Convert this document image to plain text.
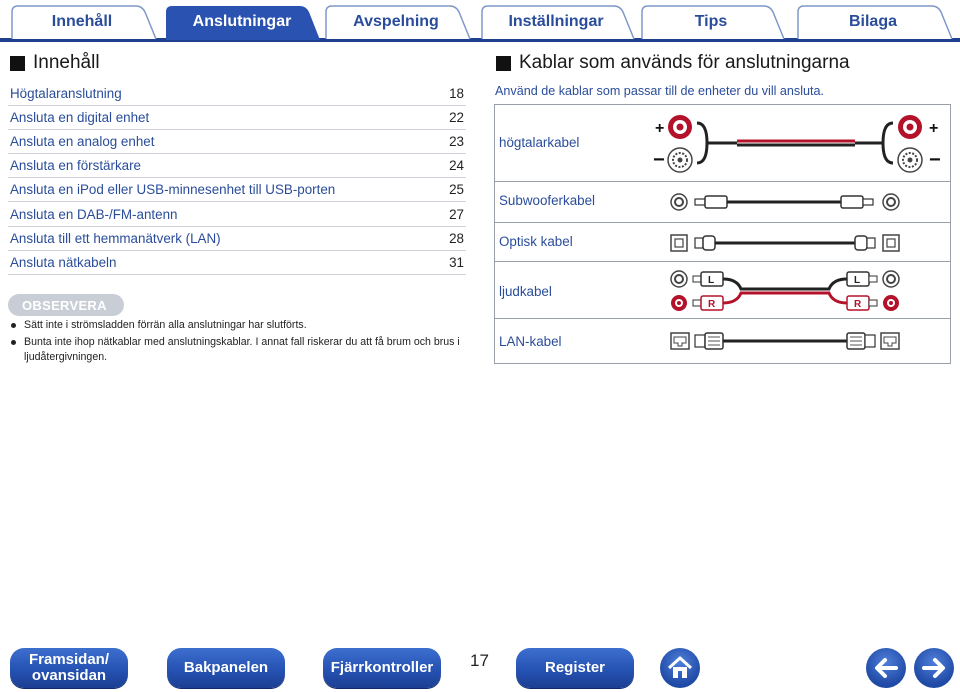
Innehåll	Anslutningar	Avspelning	Inställningar	Tips	Bilaga
Innehåll
Högtalaranslutning	18
Ansluta en digital enhet	22
Ansluta en analog enhet	23
Ansluta en förstärkare	24
Ansluta en iPod eller USB-minnesenhet till USB-porten	25
Ansluta en DAB-/FM-antenn	27
Ansluta till ett hemmanätverk (LAN)	28
Ansluta nätkabeln	31
OBSERVERA
Sätt inte i strömsladden förrän alla anslutningar har slutförts.
Bunta inte ihop nätkablar med anslutningskablar. I annat fall riskerar du att få brum och brus i ljudåtergivningen.
Kablar som används för anslutningarna
Använd de kablar som passar till de enheter du vill ansluta.
högtalarkabel
+
−
+
−
Subwooferkabel
Optisk kabel
ljudkabel
L
R
L
R
LAN-kabel
Framsidan/ ovansidan	Bakpanelen	Fjärrkontroller	17	Register
